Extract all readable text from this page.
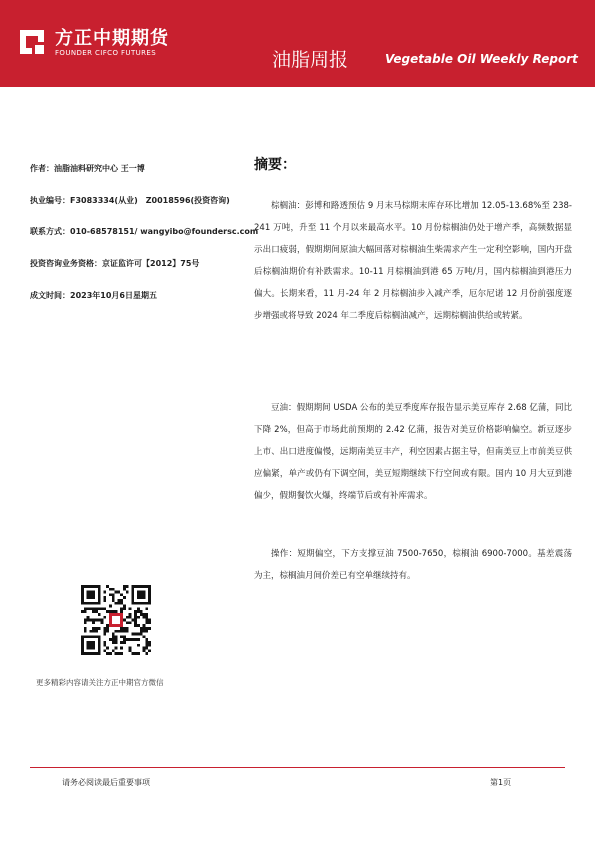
方正中期期货
FOUNDER CIFCO FUTURES	油脂周报	Vegetable Oil Weekly Report
作者：油脂油料研究中心 王一博
执业编号：F3083334(从业)　Z0018596(投资咨询)
联系方式：010-68578151/ wangyibo@foundersc.com
投资咨询业务资格：京证监许可【2012】75号
成文时间：2023年10月6日星期五
摘要：

棕榈油：彭博和路透预估 9 月末马棕期末库存环比增加 12.05-13.68%至 238-241 万吨，升至 11 个月以来最高水平。10 月份棕榈油仍处于增产季，高频数据显示出口疲弱，假期期间原油大幅回落对棕榈油生柴需求产生一定利空影响，国内开盘后棕榈油期价有补跌需求。10-11 月棕榈油到港 65 万吨/月，国内棕榈油到港压力偏大。长期来看，11 月-24 年 2 月棕榈油步入减产季，厄尔尼诺 12 月份前强度逐步增强或将导致 2024 年二季度后棕榈油减产，远期棕榈油供给或转紧。

豆油：假期期间 USDA 公布的美豆季度库存报告显示美豆库存 2.68 亿蒲，同比下降 2%，但高于市场此前预期的 2.42 亿蒲，报告对美豆价格影响偏空。新豆逐步上市、出口进度偏慢，远期南美豆丰产，利空因素占据主导，但南美豆上市前美豆供应偏紧，单产或仍有下调空间，美豆短期继续下行空间或有限。国内 10 月大豆到港偏少，假期餐饮火爆，终端节后或有补库需求。

操作：短期偏空，下方支撑豆油 7500-7650，棕榈油 6900-7000。基差震荡为主，棕榈油月间价差已有空单继续持有。

更多精彩内容请关注方正中期官方微信
请务必阅读最后重要事项	第1页
